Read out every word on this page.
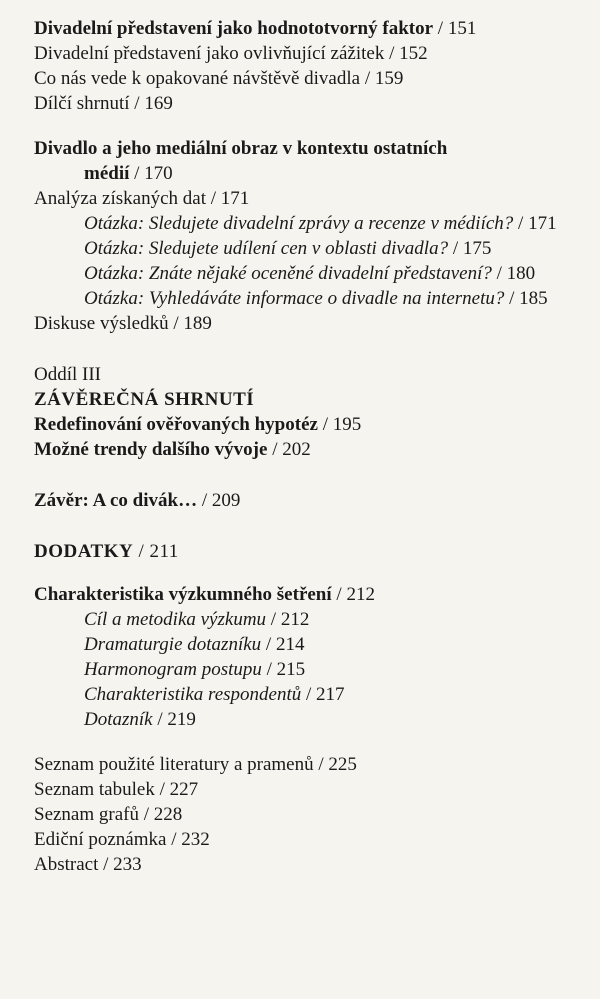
Divadelní představení jako hodnototvorný faktor / 151
Divadelní představení jako ovlivňující zážitek / 152
Co nás vede k opakované návštěvě divadla / 159
Dílčí shrnutí / 169
Divadlo a jeho mediální obraz v kontextu ostatních
médií / 170
Analýza získaných dat / 171
Otázka: Sledujete divadelní zprávy a recenze v médiích? / 171
Otázka: Sledujete udílení cen v oblasti divadla? / 175
Otázka: Znáte nějaké oceněné divadelní představení? / 180
Otázka: Vyhledáváte informace o divadle na internetu? / 185
Diskuse výsledků / 189
Oddíl III
ZÁVĚREČNÁ SHRNUTÍ
Redefinování ověřovaných hypotéz / 195
Možné trendy dalšího vývoje / 202
Závěr: A co divák… / 209
DODATKY / 211
Charakteristika výzkumného šetření / 212
Cíl a metodika výzkumu / 212
Dramaturgie dotazníku / 214
Harmonogram postupu / 215
Charakteristika respondentů / 217
Dotazník / 219
Seznam použité literatury a pramenů / 225
Seznam tabulek / 227
Seznam grafů / 228
Ediční poznámka / 232
Abstract / 233
